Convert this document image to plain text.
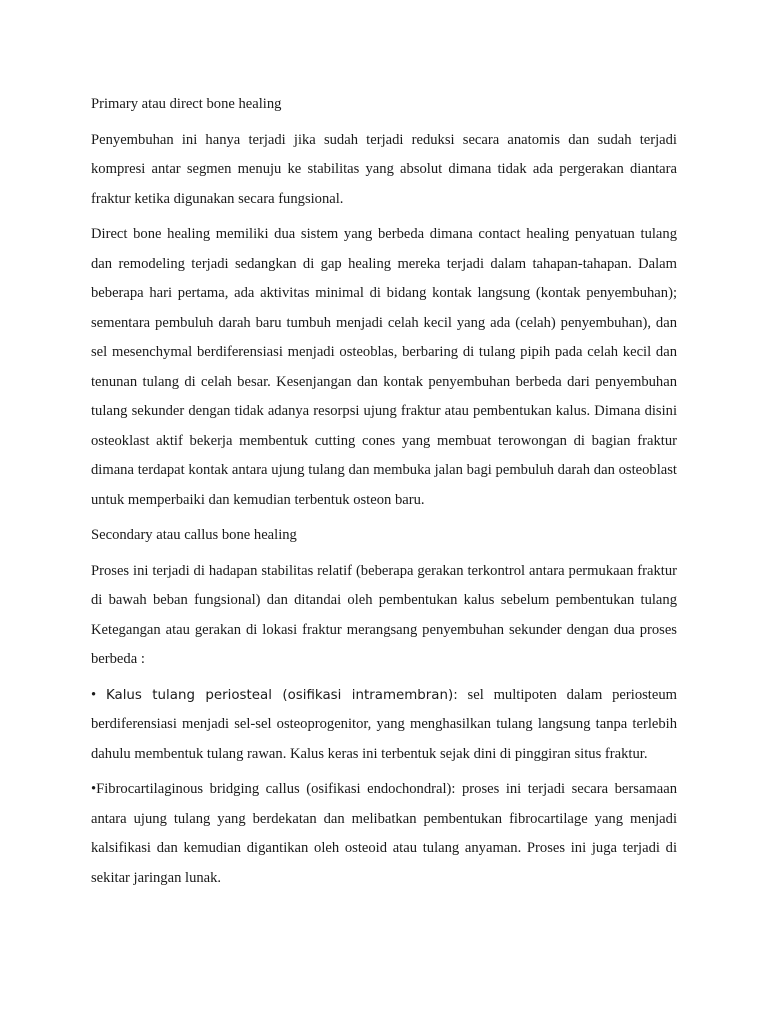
Primary atau direct bone healing

Penyembuhan ini hanya terjadi jika sudah terjadi reduksi secara anatomis dan sudah terjadi kompresi antar segmen menuju ke stabilitas yang absolut dimana tidak ada pergerakan diantara fraktur ketika digunakan secara fungsional.

Direct bone healing memiliki dua sistem yang berbeda dimana contact healing penyatuan tulang dan remodeling terjadi sedangkan di gap healing mereka terjadi dalam tahapan-tahapan. Dalam beberapa hari pertama, ada aktivitas minimal di bidang kontak langsung (kontak penyembuhan); sementara pembuluh darah baru tumbuh menjadi celah kecil yang ada (celah) penyembuhan), dan sel mesenchymal berdiferensiasi menjadi osteoblas, berbaring di tulang pipih pada celah kecil dan tenunan tulang di celah besar. Kesenjangan dan kontak penyembuhan berbeda dari penyembuhan tulang sekunder dengan tidak adanya resorpsi ujung fraktur atau pembentukan kalus. Dimana disini osteoklast aktif bekerja membentuk cutting cones yang membuat terowongan di bagian fraktur dimana terdapat kontak antara ujung tulang dan membuka jalan bagi pembuluh darah dan osteoblast untuk memperbaiki dan kemudian terbentuk osteon baru.

Secondary atau callus bone healing

Proses ini terjadi di hadapan stabilitas relatif (beberapa gerakan terkontrol antara permukaan fraktur di bawah beban fungsional) dan ditandai oleh pembentukan kalus sebelum pembentukan tulang Ketegangan atau gerakan di lokasi fraktur merangsang penyembuhan sekunder dengan dua proses berbeda :

• Kalus tulang periosteal (osifikasi intramembran): sel multipoten dalam periosteum berdiferensiasi menjadi sel-sel osteoprogenitor, yang menghasilkan tulang langsung tanpa terlebih dahulu membentuk tulang rawan. Kalus keras ini terbentuk sejak dini di pinggiran situs fraktur.

•Fibrocartilaginous bridging callus (osifikasi endochondral): proses ini terjadi secara bersamaan antara ujung tulang yang berdekatan dan melibatkan pembentukan fibrocartilage yang menjadi kalsifikasi dan kemudian digantikan oleh osteoid atau tulang anyaman. Proses ini juga terjadi di sekitar jaringan lunak.
